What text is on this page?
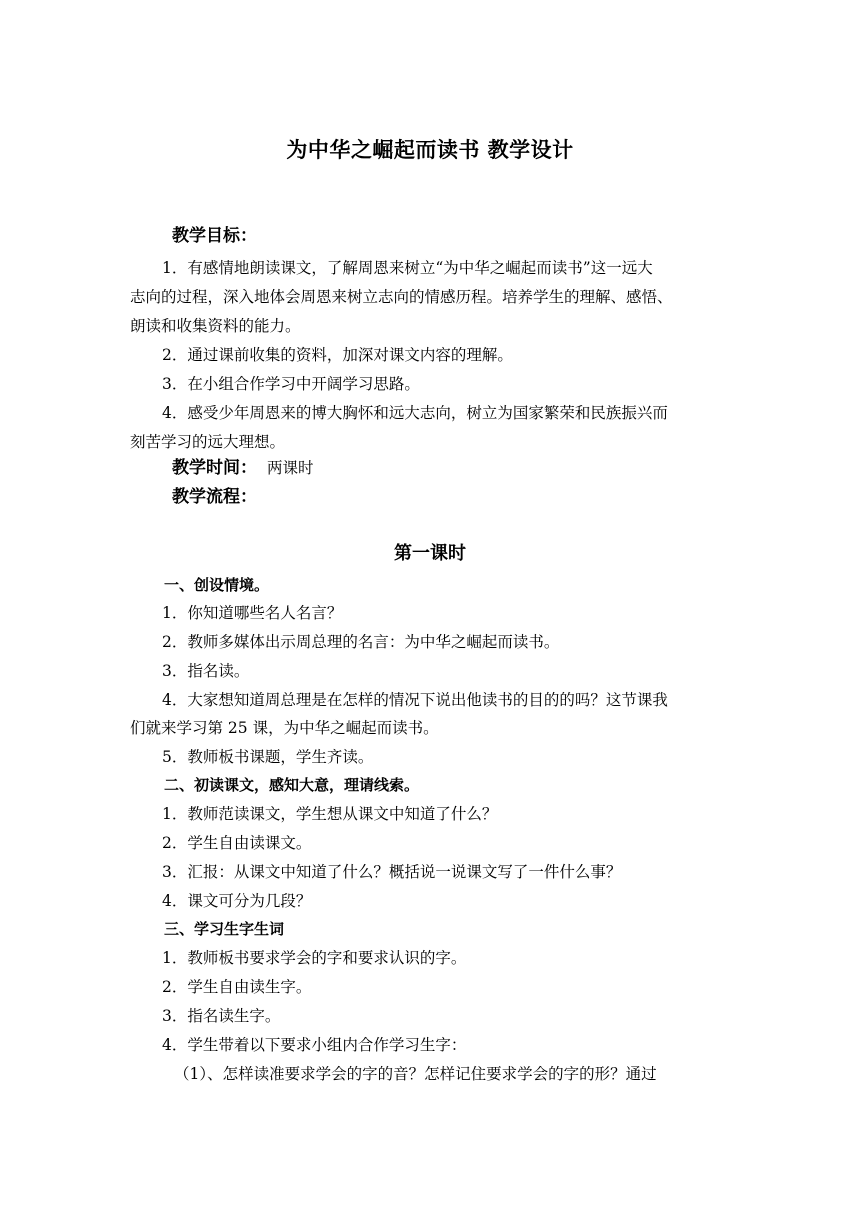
为中华之崛起而读书 教学设计
教学目标：
1．有感情地朗读课文，了解周恩来树立“为中华之崛起而读书”这一远大
志向的过程，深入地体会周恩来树立志向的情感历程。培养学生的理解、感悟、
朗读和收集资料的能力。
2．通过课前收集的资料，加深对课文内容的理解。
3．在小组合作学习中开阔学习思路。
4．感受少年周恩来的博大胸怀和远大志向，树立为国家繁荣和民族振兴而
刻苦学习的远大理想。
教学时间： 两课时
教学流程：
第一课时
一、创设情境。
1．你知道哪些名人名言？
2．教师多媒体出示周总理的名言：为中华之崛起而读书。
3．指名读。
4．大家想知道周总理是在怎样的情况下说出他读书的目的的吗？这节课我
们就来学习第 25 课，为中华之崛起而读书。
5．教师板书课题，学生齐读。
二、初读课文，感知大意，理请线索。
1．教师范读课文，学生想从课文中知道了什么？
2．学生自由读课文。
3．汇报：从课文中知道了什么？概括说一说课文写了一件什么事？
4．课文可分为几段？
三、学习生字生词
1．教师板书要求学会的字和要求认识的字。
2．学生自由读生字。
3．指名读生字。
4．学生带着以下要求小组内合作学习生字：
（1）、怎样读准要求学会的字的音？怎样记住要求学会的字的形？通过
